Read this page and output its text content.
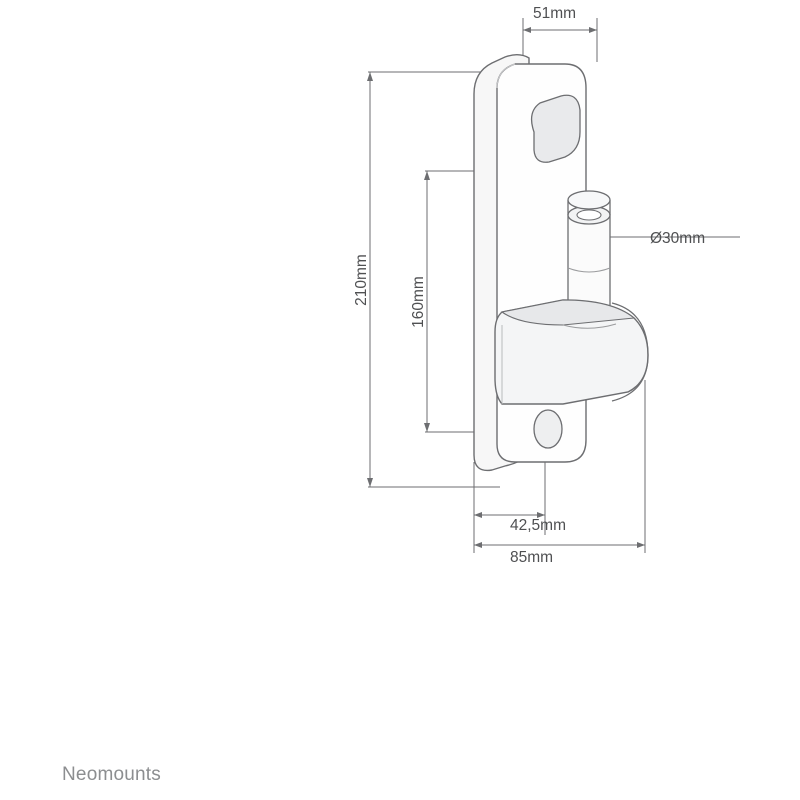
51mm
210mm	160mm
Ø30mm
42,5mm
85mm
Neomounts
